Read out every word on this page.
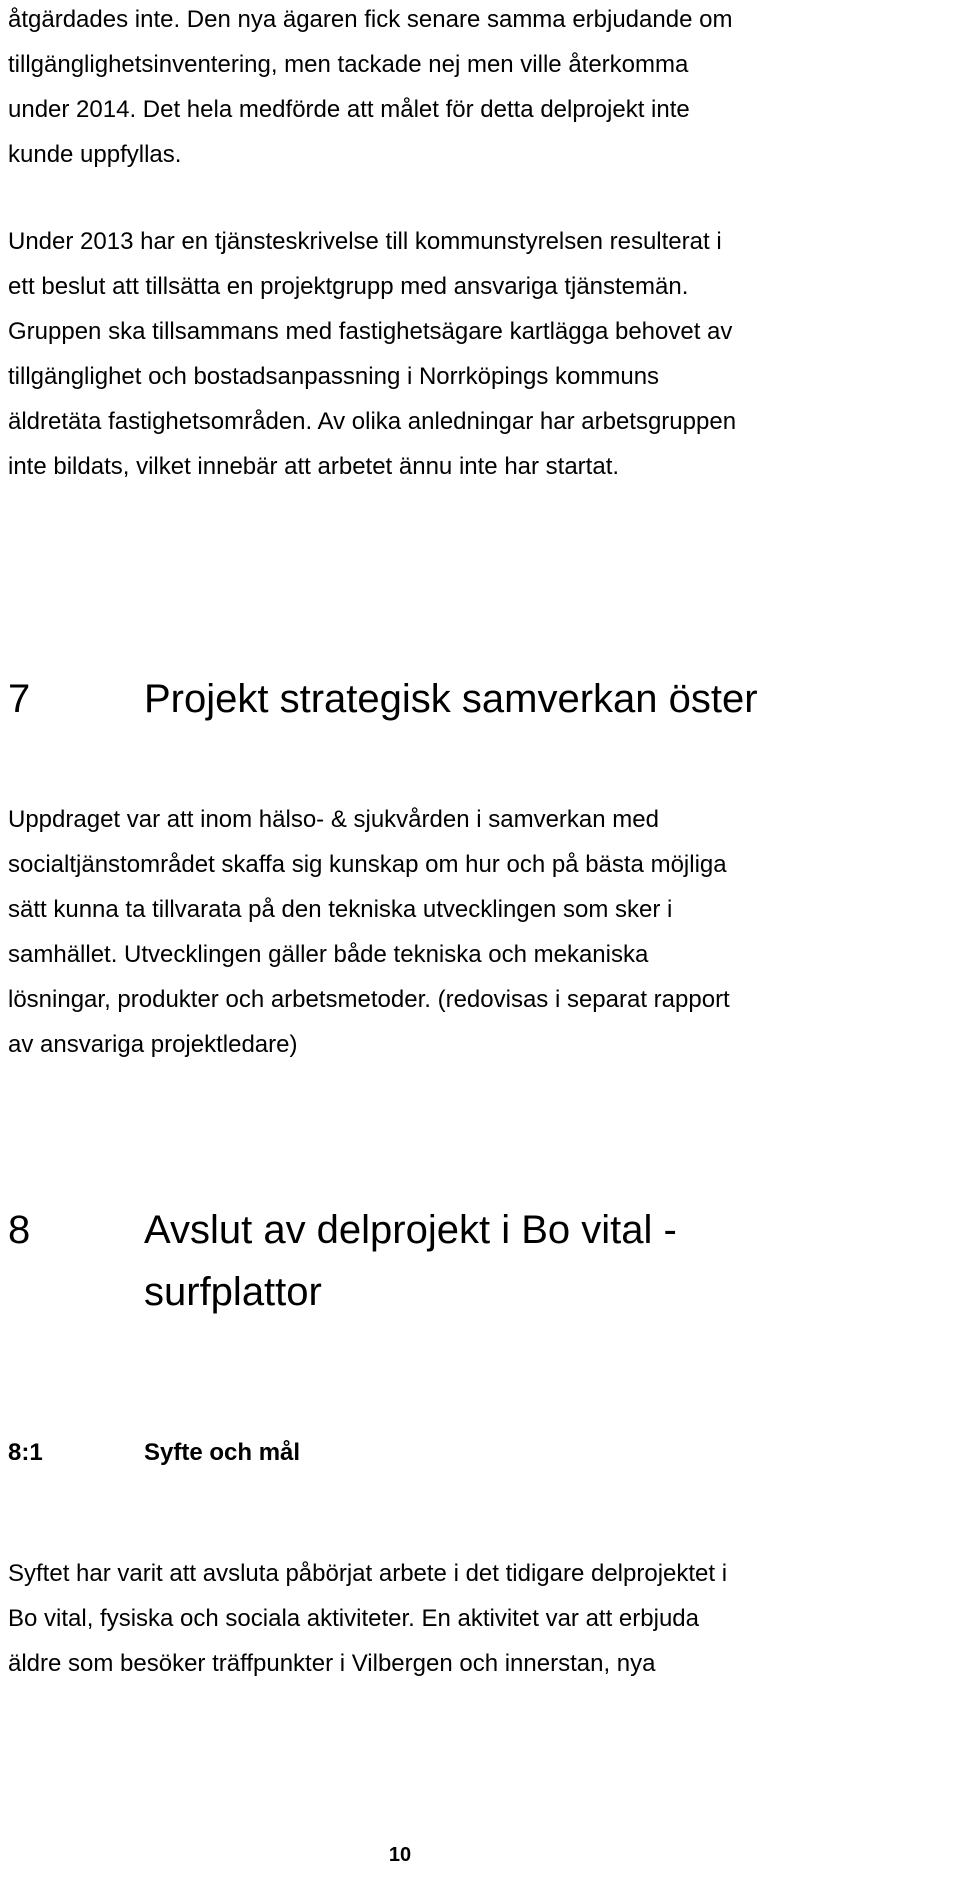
åtgärdades inte. Den nya ägaren fick senare samma erbjudande om
tillgänglighetsinventering, men tackade nej men ville återkomma
under 2014. Det hela medförde att målet för detta delprojekt inte
kunde uppfyllas.

Under 2013 har en tjänsteskrivelse till kommunstyrelsen resulterat i
ett beslut att tillsätta en projektgrupp med ansvariga tjänstemän.
Gruppen ska tillsammans med fastighetsägare kartlägga behovet av
tillgänglighet och bostadsanpassning i Norrköpings kommuns
äldretäta fastighetsområden. Av olika anledningar har arbetsgruppen
inte bildats, vilket innebär att arbetet ännu inte har startat.

7	Projekt strategisk samverkan öster

Uppdraget var att inom hälso- & sjukvården i samverkan med
socialtjänstområdet skaffa sig kunskap om hur och på bästa möjliga
sätt kunna ta tillvarata på den tekniska utvecklingen som sker i
samhället. Utvecklingen gäller både tekniska och mekaniska
lösningar, produkter och arbetsmetoder. (redovisas i separat rapport
av ansvariga projektledare)

8	Avslut av delprojekt i Bo vital -
surfplattor
8:1	Syfte och mål

Syftet har varit att avsluta påbörjat arbete i det tidigare delprojektet i
Bo vital, fysiska och sociala aktiviteter. En aktivitet var att erbjuda
äldre som besöker träffpunkter i Vilbergen och innerstan, nya

10
